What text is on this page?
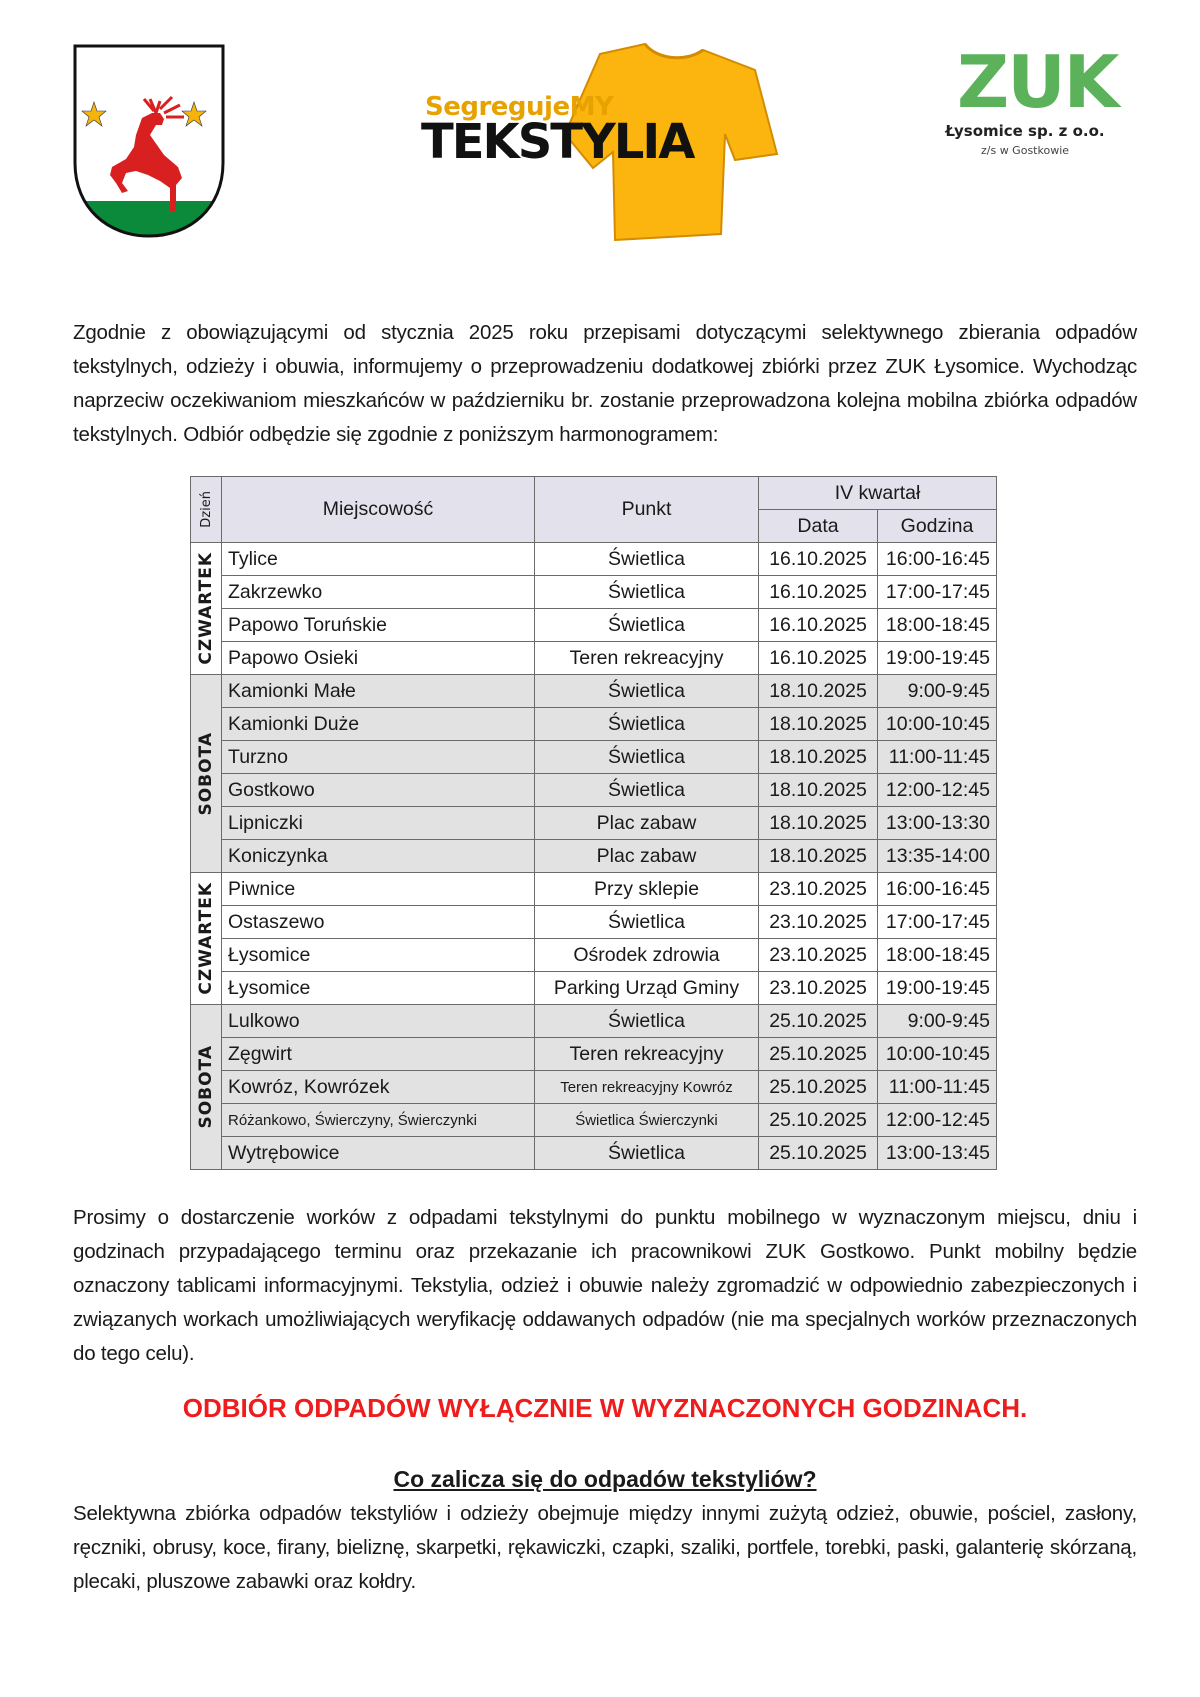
SegregujeMY
TEKSTYLIA
ZUK
Łysomice sp. z o.o.
z/s w Gostkowie
Zgodnie z obowiązującymi od stycznia 2025 roku przepisami dotyczącymi selektywnego zbierania odpadów tekstylnych, odzieży i obuwia, informujemy o przeprowadzeniu dodatkowej zbiórki przez ZUK Łysomice. Wychodząc naprzeciw oczekiwaniom mieszkańców w październiku br. zostanie przeprowadzona kolejna mobilna zbiórka odpadów tekstylnych. Odbiór odbędzie się zgodnie z poniższym harmonogramem:
Dzień	Miejscowość	Punkt	IV kwartał	
			Data	Godzina

CZWARTEK	Tylice	Świetlica	16.10.2025	16:00-16:45
	Zakrzewko	Świetlica	16.10.2025	17:00-17:45
	Papowo Toruńskie	Świetlica	16.10.2025	18:00-18:45
	Papowo Osieki	Teren rekreacyjny	16.10.2025	19:00-19:45

SOBOTA	Kamionki Małe	Świetlica	18.10.2025	9:00-9:45
	Kamionki Duże	Świetlica	18.10.2025	10:00-10:45
	Turzno	Świetlica	18.10.2025	11:00-11:45
	Gostkowo	Świetlica	18.10.2025	12:00-12:45
	Lipniczki	Plac zabaw	18.10.2025	13:00-13:30
	Koniczynka	Plac zabaw	18.10.2025	13:35-14:00

CZWARTEK	Piwnice	Przy sklepie	23.10.2025	16:00-16:45
	Ostaszewo	Świetlica	23.10.2025	17:00-17:45
	Łysomice	Ośrodek zdrowia	23.10.2025	18:00-18:45
	Łysomice	Parking Urząd Gminy	23.10.2025	19:00-19:45

SOBOTA	Lulkowo	Świetlica	25.10.2025	9:00-9:45
	Zęgwirt	Teren rekreacyjny	25.10.2025	10:00-10:45
	Kowróz, Kowrózek	Teren rekreacyjny Kowróz	25.10.2025	11:00-11:45
	Różankowo, Świerczyny, Świerczynki	Świetlica Świerczynki	25.10.2025	12:00-12:45
	Wytrębowice	Świetlica	25.10.2025	13:00-13:45
Prosimy o dostarczenie worków z odpadami tekstylnymi do punktu mobilnego w wyznaczonym miejscu, dniu i godzinach przypadającego terminu oraz przekazanie ich pracownikowi ZUK Gostkowo. Punkt mobilny będzie oznaczony tablicami informacyjnymi. Tekstylia, odzież i obuwie należy zgromadzić w odpowiednio zabezpieczonych i związanych workach umożliwiających weryfikację oddawanych odpadów (nie ma specjalnych worków przeznaczonych do tego celu).
ODBIÓR ODPADÓW WYŁĄCZNIE W WYZNACZONYCH GODZINACH.
Co zalicza się do odpadów tekstyliów?
Selektywna zbiórka odpadów tekstyliów i odzieży obejmuje między innymi zużytą odzież, obuwie, pościel, zasłony, ręczniki, obrusy, koce, firany, bieliznę, skarpetki, rękawiczki, czapki, szaliki, portfele, torebki, paski, galanterię skórzaną, plecaki, pluszowe zabawki oraz kołdry.
